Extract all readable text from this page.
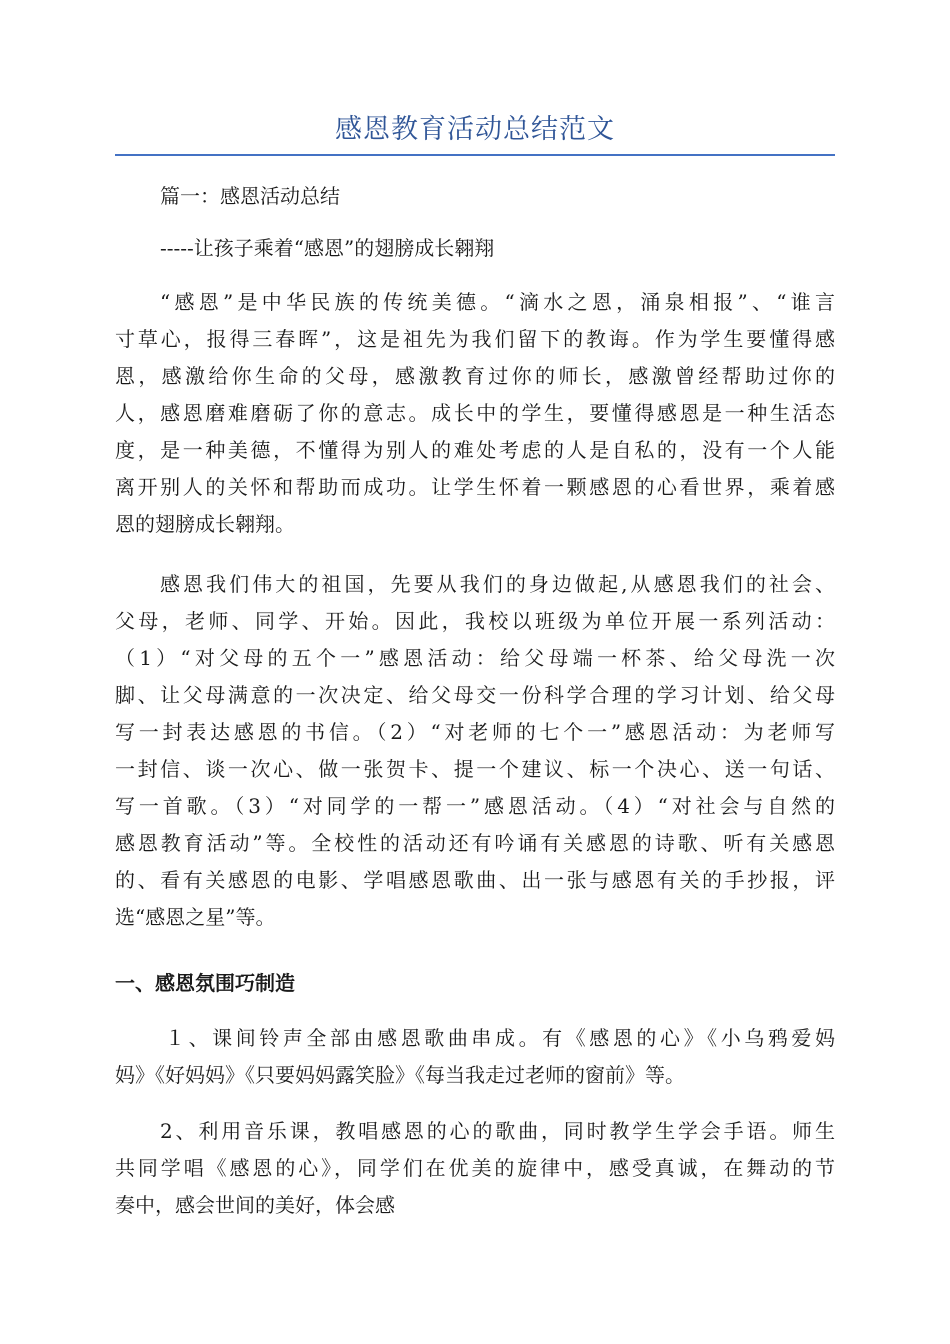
感恩教育活动总结范文
篇一：感恩活动总结
-----让孩子乘着“感恩”的翅膀成长翱翔
“感恩”是中华民族的传统美德。“滴水之恩，涌泉相报”、“谁言
寸草心，报得三春晖”，这是祖先为我们留下的教诲。作为学生要懂得感
恩，感激给你生命的父母，感激教育过你的师长，感激曾经帮助过你的
人，感恩磨难磨砺了你的意志。成长中的学生，要懂得感恩是一种生活态
度，是一种美德，不懂得为别人的难处考虑的人是自私的，没有一个人能
离开别人的关怀和帮助而成功。让学生怀着一颗感恩的心看世界，乘着感
恩的翅膀成长翱翔。
感恩我们伟大的祖国，先要从我们的身边做起,从感恩我们的社会、
父母，老师、同学、开始。因此，我校以班级为单位开展一系列活动：
（1）“对父母的五个一”感恩活动：给父母端一杯茶、给父母洗一次
脚、让父母满意的一次决定、给父母交一份科学合理的学习计划、给父母
写一封表达感恩的书信。（2）“对老师的七个一”感恩活动：为老师写
一封信、谈一次心、做一张贺卡、提一个建议、标一个决心、送一句话、
写一首歌。（3）“对同学的一帮一”感恩活动。（4）“对社会与自然的
感恩教育活动”等。全校性的活动还有吟诵有关感恩的诗歌、听有关感恩
的、看有关感恩的电影、学唱感恩歌曲、出一张与感恩有关的手抄报，评
选“感恩之星”等。
一、感恩氛围巧制造
１、课间铃声全部由感恩歌曲串成。有《感恩的心》《小乌鸦爱妈
妈》《好妈妈》《只要妈妈露笑脸》《每当我走过老师的窗前》等。
2、利用音乐课，教唱感恩的心的歌曲，同时教学生学会手语。师生
共同学唱《感恩的心》，同学们在优美的旋律中，感受真诚，在舞动的节
奏中，感会世间的美好，体会感
